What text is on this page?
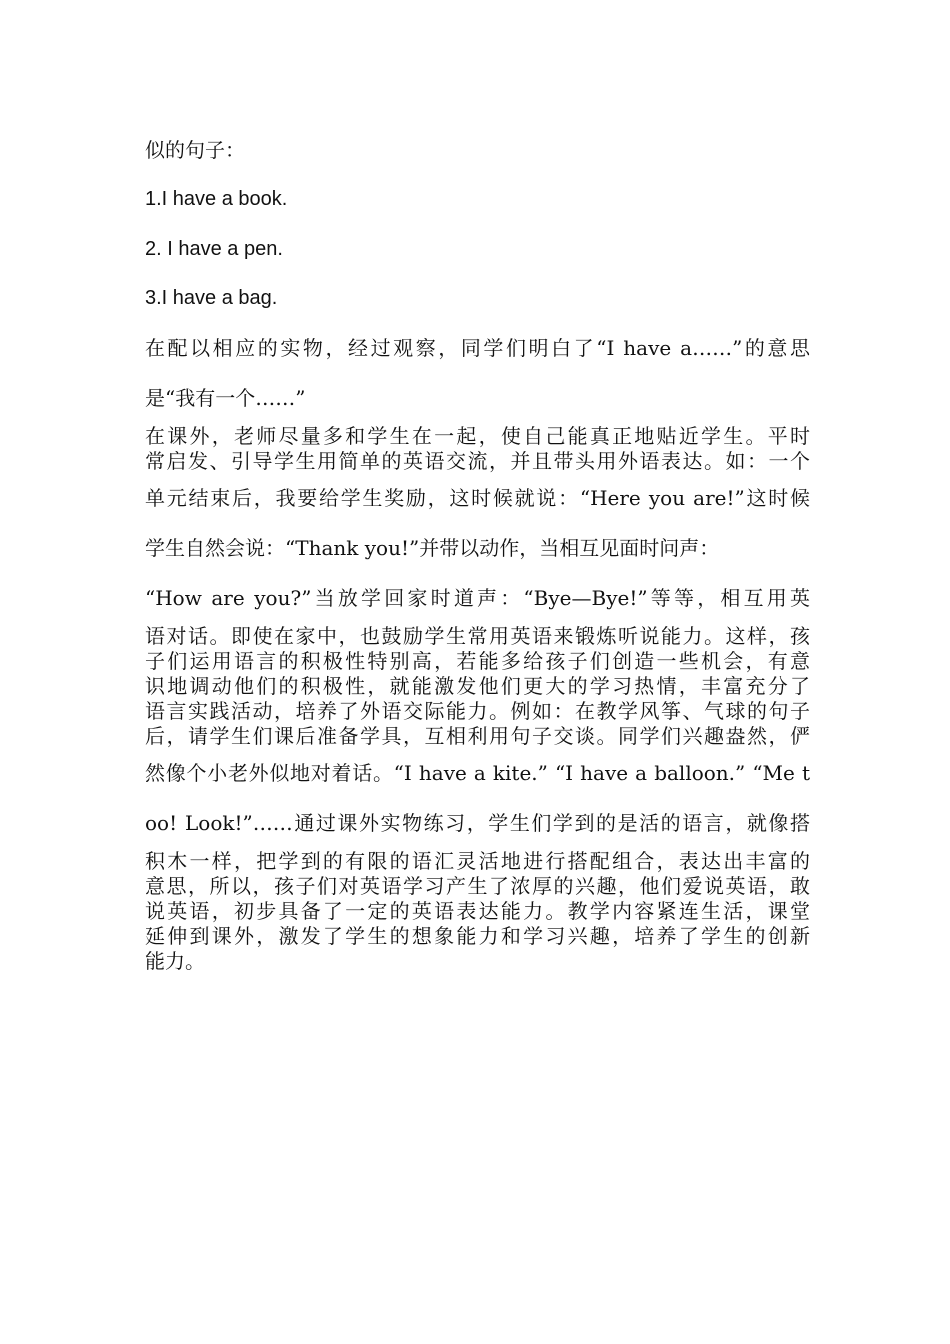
似的句子：
1.I have a book.
2. I have a pen.
3.I have a bag.
在配以相应的实物，经过观察，同学们明白了“I have a……”的意思
是“我有一个……”
在课外，老师尽量多和学生在一起，使自己能真正地贴近学生。平时
常启发、引导学生用简单的英语交流，并且带头用外语表达。如：一个
单元结束后，我要给学生奖励，这时候就说：“Here you are!”这时候
学生自然会说：“Thank you!”并带以动作，当相互见面时问声：
“How are you?”当放学回家时道声：“Bye—Bye!”等等，相互用英
语对话。即使在家中，也鼓励学生常用英语来锻炼听说能力。这样，孩
子们运用语言的积极性特别高，若能多给孩子们创造一些机会，有意
识地调动他们的积极性，就能激发他们更大的学习热情，丰富充分了
语言实践活动，培养了外语交际能力。例如：在教学风筝、气球的句子
后，请学生们课后准备学具，互相利用句子交谈。同学们兴趣盎然，俨
然像个小老外似地对着话。“I have a kite.” “I have a balloon.” “Me t
oo! Look!”……通过课外实物练习，学生们学到的是活的语言，就像搭
积木一样，把学到的有限的语汇灵活地进行搭配组合，表达出丰富的
意思，所以，孩子们对英语学习产生了浓厚的兴趣，他们爱说英语，敢
说英语，初步具备了一定的英语表达能力。教学内容紧连生活，课堂
延伸到课外，激发了学生的想象能力和学习兴趣，培养了学生的创新
能力。
